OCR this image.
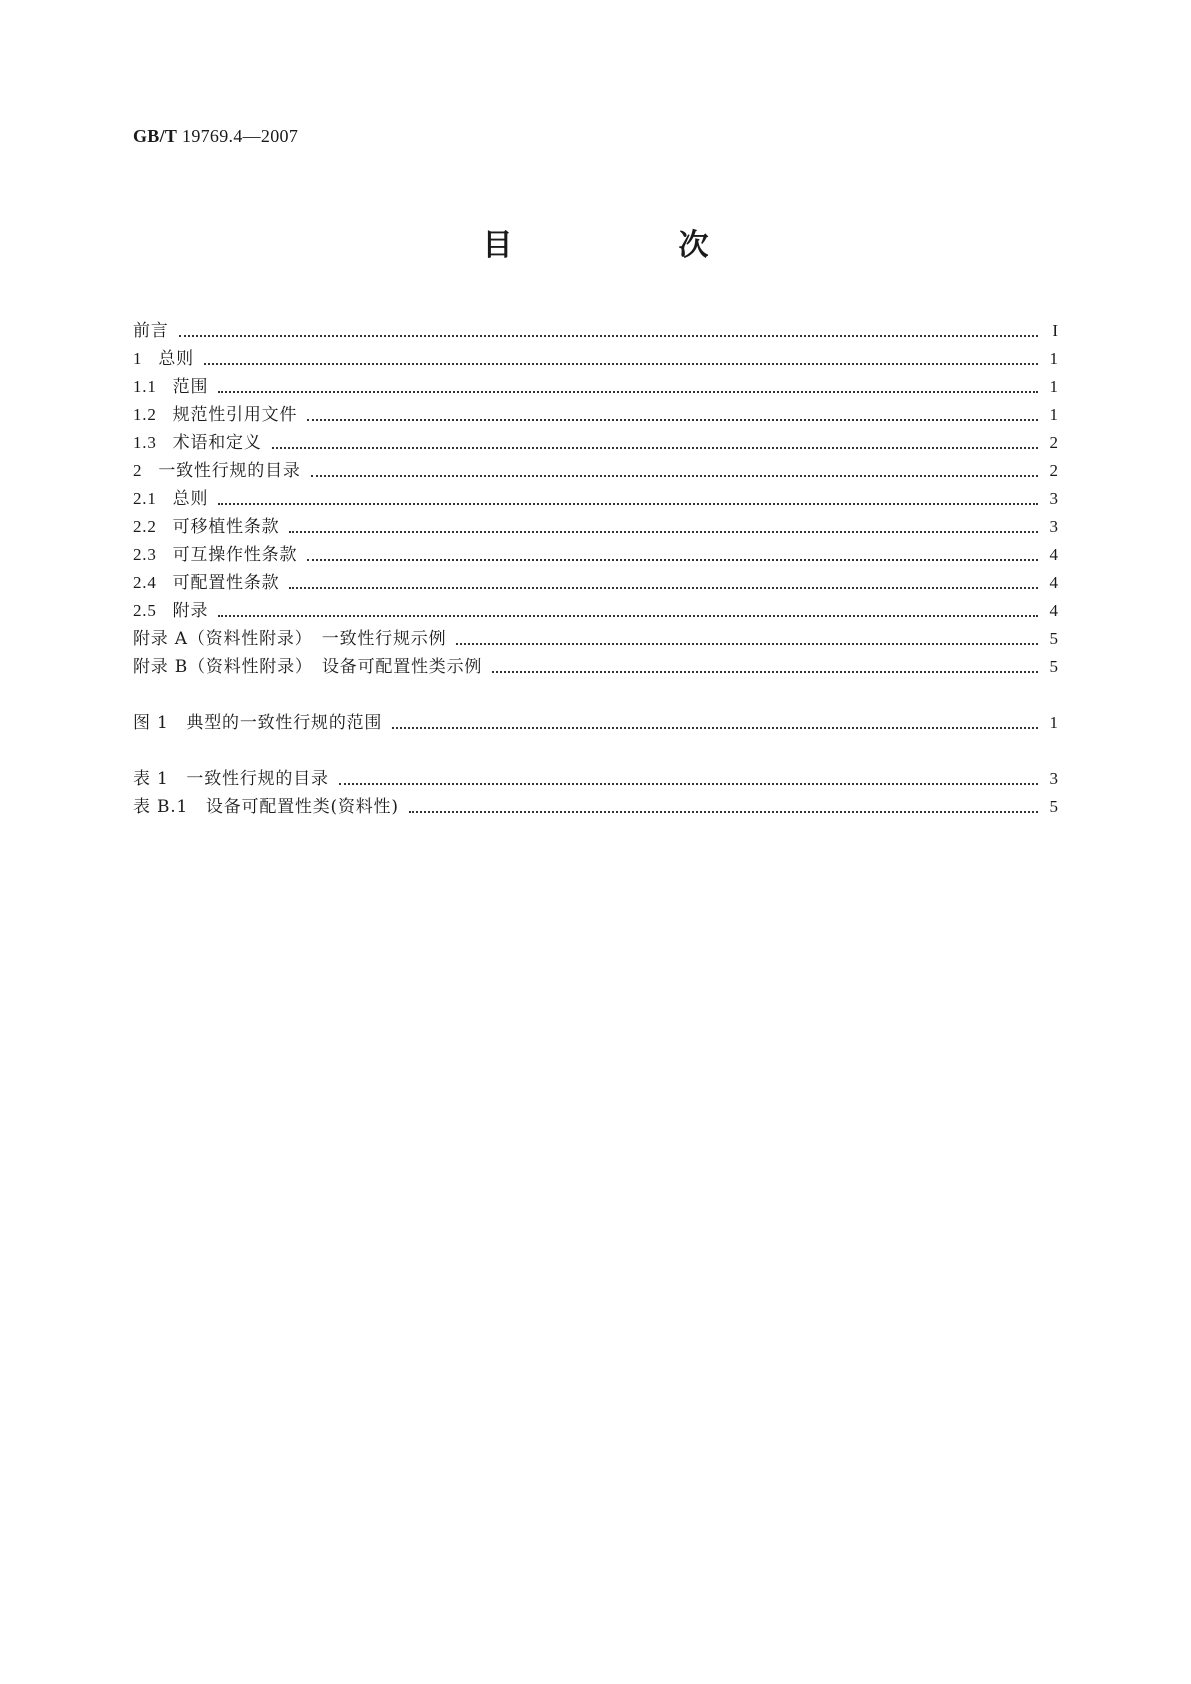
GB/T 19769.4—2007
目　次
前言	I
1 总则	1
1.1 范围	1
1.2 规范性引用文件	1
1.3 术语和定义	2
2 一致性行规的目录	2
2.1 总则	3
2.2 可移植性条款	3
2.3 可互操作性条款	4
2.4 可配置性条款	4
2.5 附录	4
附录 A（资料性附录）　一致性行规示例	5
附录 B（资料性附录）　设备可配置性类示例	5
图 1　典型的一致性行规的范围	1
表 1　一致性行规的目录	3
表 B.1　设备可配置性类(资料性)	5
